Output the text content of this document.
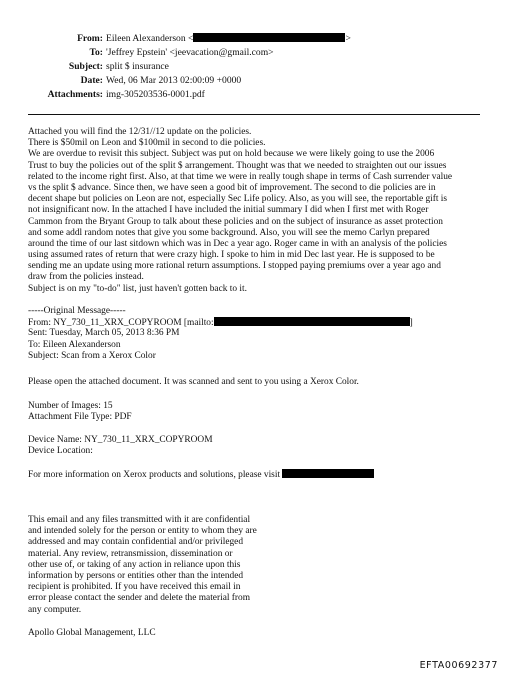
From: Eileen Alexanderson <	>
To: 'Jeffrey Epstein' <jeevacation@gmail.com>
Subject: split $ insurance
Date: Wed, 06 Mar 2013 02:00:09 +0000
Attachments: img-305203536-0001.pdf
Attached you will find the 12/31//12 update on the policies.
There is $50mil on Leon and $100mil in second to die policies.
We are overdue to revisit this subject. Subject was put on hold because we were likely going to use the 2006
Trust to buy the policies out of the split $ arrangement. Thought was that we needed to straighten out our issues
related to the income right first. Also, at that time we were in really tough shape in terms of Cash surrender value
vs the split $ advance. Since then, we have seen a good bit of improvement. The second to die policies are in
decent shape but policies on Leon are not, especially Sec Life policy. Also, as you will see, the reportable gift is
not insignificant now. In the attached I have included the initial summary I did when I first met with Roger
Cammon from the Bryant Group to talk about these policies and on the subject of insurance as asset protection
and some addl random notes that give you some background. Also, you will see the memo Carlyn prepared
around the time of our last sitdown which was in Dec a year ago. Roger came in with an analysis of the policies
using assumed rates of return that were crazy high. I spoke to him in mid Dec last year. He is supposed to be
sending me an update using more rational return assumptions. I stopped paying premiums over a year ago and
draw from the policies instead.
Subject is on my "to-do" list, just haven't gotten back to it.
-----Original Message-----
From: NY_730_11_XRX_COPYROOM [mailto:	]
Sent: Tuesday, March 05, 2013 8:36 PM
To: Eileen Alexanderson
Subject: Scan from a Xerox Color
Please open the attached document. It was scanned and sent to you using a Xerox Color.
Number of Images: 15
Attachment File Type: PDF
Device Name: NY_730_11_XRX_COPYROOM
Device Location:
For more information on Xerox products and solutions, please visit
This email and any files transmitted with it are confidential
and intended solely for the person or entity to whom they are
addressed and may contain confidential and/or privileged
material. Any review, retransmission, dissemination or
other use of, or taking of any action in reliance upon this
information by persons or entities other than the intended
recipient is prohibited. If you have received this email in
error please contact the sender and delete the material from
any computer.
Apollo Global Management, LLC
EFTA00692377
